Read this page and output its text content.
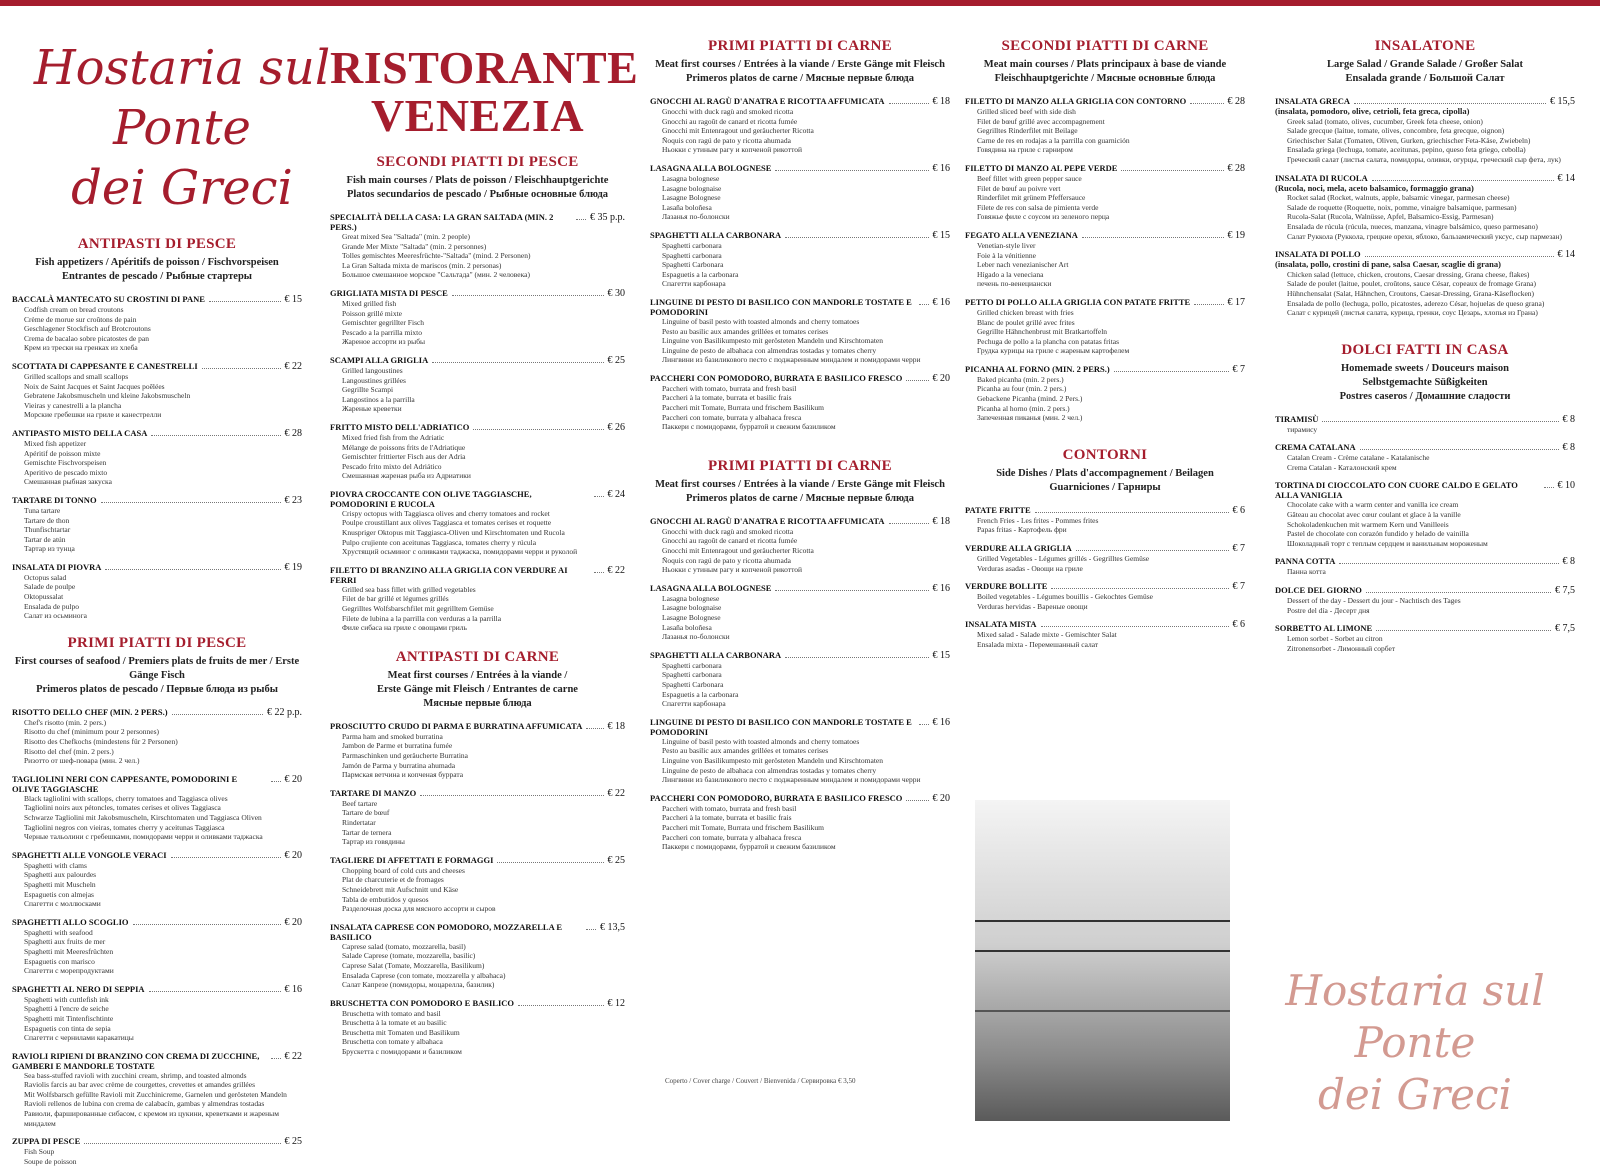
Hostaria sul Ponte
dei Greci
ANTIPASTI DI PESCE
Fish appetizers / Apéritifs de poisson / Fischvorspeisen
Entrantes de pescado / Рыбные стартеры
BACCALÀ MANTECATO SU CROSTINI DI PANE	€ 15
Codfish cream on bread croutons
Crème de morue sur croûtons de pain
Geschlagener Stockfisch auf Brotcroutons
Crema de bacalao sobre picatostes de pan
Крем из трески на гренках из хлеба
SCOTTATA DI CAPPESANTE E CANESTRELLI	€ 22
Grilled scallops and small scallops
Noix de Saint Jacques et Saint Jacques poêlées
Gebratene Jakobsmuscheln und kleine Jakobsmuscheln
Vieiras y canestrelli a la plancha
Морские гребешки на гриле и канестрелли
ANTIPASTO MISTO DELLA CASA	€ 28
Mixed fish appetizer
Apéritif de poisson mixte
Gemischte Fischvorspeisen
Aperitivo de pescado mixto
Смешанная рыбная закуска
TARTARE DI TONNO	€ 23
Tuna tartare
Tartare de thon
Thunfischtartar
Tartar de atún
Тартар из тунца
INSALATA DI PIOVRA	€ 19
Octopus salad
Salade de poulpe
Oktopussalat
Ensalada de pulpo
Салат из осьминога
PRIMI PIATTI DI PESCE
First courses of seafood / Premiers plats de fruits de mer / Erste Gänge Fisch
Primeros platos de pescado / Первые блюда из рыбы
RISOTTO DELLO CHEF (MIN. 2 PERS.)	€ 22 p.p.
Chef's risotto (min. 2 pers.)
Risotto du chef (minimum pour 2 personnes)
Risotto des Chefkochs (mindestens für 2 Personen)
Risotto del chef (min. 2 pers.)
Ризотто от шеф-повара (мин. 2 чел.)
TAGLIOLINI NERI CON CAPPESANTE, POMODORINI E OLIVE TAGGIASCHE
€ 20
Black tagliolini with scallops, cherry tomatoes and Taggiasca olives
Tagliolini noirs aux pétoncles, tomates cerises et olives Taggiasca
Schwarze Tagliolini mit Jakobsmuscheln, Kirschtomaten und Taggiasca Oliven
Tagliolini negros con vieiras, tomates cherry y aceitunas Taggiasca
Черные тальолини с гребешками, помидорами черри и оливками таджаска
SPAGHETTI ALLE VONGOLE VERACI	€ 20
Spaghetti with clams
Spaghetti aux palourdes
Spaghetti mit Muscheln
Espaguetis con almejas
Спагетти с моллюсками
SPAGHETTI ALLO SCOGLIO	€ 20
Spaghetti with seafood
Spaghetti aux fruits de mer
Spaghetti mit Meeresfrüchten
Espaguetis con marisco
Спагетти с морепродуктами
SPAGHETTI AL NERO DI SEPPIA	€ 16
Spaghetti with cuttlefish ink
Spaghetti à l'encre de seiche
Spaghetti mit Tintenfischtinte
Espaguetis con tinta de sepia
Спагетти с чернилами каракатицы
RAVIOLI RIPIENI DI BRANZINO CON CREMA DI ZUCCHINE, GAMBERI E MANDORLE TOSTATE
€ 22
Sea bass-stuffed ravioli with zucchini cream, shrimp, and toasted almonds
Raviolis farcis au bar avec crème de courgettes, crevettes et amandes grillées
Mit Wolfsbarsch gefüllte Ravioli mit Zucchinicreme, Garnelen und gerösteten Mandeln
Ravioli rellenos de lubina con crema de calabacín, gambas y almendras tostadas
Равиоли, фаршированные сибасом, с кремом из цукини, креветками и жареным миндалем
ZUPPA DI PESCE	€ 25
Fish Soup
Soupe de poisson
RISTORANTE
VENEZIA
SECONDI PIATTI DI PESCE
Fish main courses / Plats de poisson / Fleischhauptgerichte
Platos secundarios de pescado / Рыбные основные блюда
SPECIALITÀ DELLA CASA: LA GRAN SALTADA (MIN. 2 PERS.)
€ 35 p.p.
Great mixed Sea "Saltada" (min. 2 people)
Grande Mer Mixte "Saltada" (min. 2 personnes)
Tolles gemischtes Meeresfrüchte-"Saltada" (mind. 2 Personen)
La Gran Saltada mixta de mariscos (min. 2 personas)
Большое смешанное морское "Сальтада" (мин. 2 человека)
GRIGLIATA MISTA DI PESCE	€ 30
Mixed grilled fish
Poisson grillé mixte
Gemischter gegrillter Fisch
Pescado a la parrilla mixto
Жареное ассорти из рыбы
SCAMPI ALLA GRIGLIA	€ 25
Grilled langoustines
Langoustines grillées
Gegrillte Scampi
Langostinos a la parrilla
Жареные креветки
FRITTO MISTO DELL'ADRIATICO	€ 26
Mixed fried fish from the Adriatic
Mélange de poissons frits de l'Adriatique
Gemischter frittierter Fisch aus der Adria
Pescado frito mixto del Adriático
Смешанная жареная рыба из Адриатики
PIOVRA CROCCANTE CON OLIVE TAGGIASCHE, POMODORINI E RUCOLA
€ 24
Crispy octopus with Taggiasca olives and cherry tomatoes and rocket
Poulpe croustillant aux olives Taggiasca et tomates cerises et roquette
Knuspriger Oktopus mit Taggiasca-Oliven und Kirschtomaten und Rucola
Pulpo crujiente con aceitunas Taggiasca, tomates cherry y rúcula
Хрустящий осьминог с оливками таджаска, помидорами черри и руколой
FILETTO DI BRANZINO ALLA GRIGLIA CON VERDURE AI FERRI
€ 22
Grilled sea bass fillet with grilled vegetables
Filet de bar grillé et légumes grillés
Gegrilltes Wolfsbarschfilet mit gegrilltem Gemüse
Filete de lubina a la parrilla con verduras a la parrilla
Филе сибаса на гриле с овощами гриль
ANTIPASTI DI CARNE
Meat first courses / Entrées à la viande /
Erste Gänge mit Fleisch / Entrantes de carne
Мясные первые блюда
PROSCIUTTO CRUDO DI PARMA E BURRATINA AFFUMICATA	€ 18
Parma ham and smoked burratina
Jambon de Parme et burratina fumée
Parmaschinken und geräucherte Burratina
Jamón de Parma y burratina ahumada
Пармская ветчина и копченая буррата
TARTARE DI MANZO	€ 22
Beef tartare
Tartare de bœuf
Rindertatar
Tartar de ternera
Тартар из говядины
TAGLIERE DI AFFETTATI E FORMAGGI	€ 25
Chopping board of cold cuts and cheeses
Plat de charcuterie et de fromages
Schneidebrett mit Aufschnitt und Käse
Tabla de embutidos y quesos
Разделочная доска для мясного ассорти и сыров
INSALATA CAPRESE CON POMODORO, MOZZARELLA E BASILICO
€ 13,5
Caprese salad (tomato, mozzarella, basil)
Salade Caprese (tomate, mozzarella, basilic)
Caprese Salat (Tomate, Mozzarella, Basilikum)
Ensalada Caprese (con tomate, mozzarella y albahaca)
Салат Капрезе (помидоры, моцарелла, базилик)
BRUSCHETTA CON POMODORO E BASILICO	€ 12
Bruschetta with tomato and basil
Bruschetta à la tomate et au basilic
Bruschetta mit Tomaten und Basilikum
Bruschetta con tomate y albahaca
Брускетта с помидорами и базиликом
PRIMI PIATTI DI CARNE
Meat first courses / Entrées à la viande / Erste Gänge mit Fleisch
Primeros platos de carne / Мясные первые блюда
GNOCCHI AL RAGÙ D'ANATRA E RICOTTA AFFUMICATA	€ 18
Gnocchi with duck ragù and smoked ricotta
Gnocchi au ragoût de canard et ricotta fumée
Gnocchi mit Entenragout und geräucherter Ricotta
Ñoquis con ragú de pato y ricotta ahumada
Ньокки с утиным рагу и копченой рикоттой
LASAGNA ALLA BOLOGNESE	€ 16
Lasagna bolognese
Lasagne bolognaise
Lasagne Bolognese
Lasaña boloñesa
Лазанья по-болонски
SPAGHETTI ALLA CARBONARA	€ 15
Spaghetti carbonara
Spaghetti carbonara
Spaghetti Carbonara
Espaguetis a la carbonara
Спагетти карбонара
LINGUINE DI PESTO DI BASILICO CON MANDORLE TOSTATE E POMODORINI
€ 16
Linguine of basil pesto with toasted almonds and cherry tomatoes
Pesto au basilic aux amandes grillées et tomates cerises
Linguine von Basilikumpesto mit gerösteten Mandeln und Kirschtomaten
Linguine de pesto de albahaca con almendras tostadas y tomates cherry
Лингвини из базиликового песто с поджаренным миндалем и помидорами черри
PACCHERI CON POMODORO, BURRATA E BASILICO FRESCO	€ 20
Paccheri with tomato, burrata and fresh basil
Paccheri à la tomate, burrata et basilic frais
Paccheri mit Tomate, Burrata und frischem Basilikum
Paccheri con tomate, burrata y albahaca fresca
Паккери с помидорами, бурратой и свежим базиликом
PRIMI PIATTI DI CARNE
Meat first courses / Entrées à la viande / Erste Gänge mit Fleisch
Primeros platos de carne / Мясные первые блюда
GNOCCHI AL RAGÙ D'ANATRA E RICOTTA AFFUMICATA	€ 18
Gnocchi with duck ragù and smoked ricotta
Gnocchi au ragoût de canard et ricotta fumée
Gnocchi mit Entenragout und geräucherter Ricotta
Ñoquis con ragú de pato y ricotta ahumada
Ньокки с утиным рагу и копченой рикоттой
LASAGNA ALLA BOLOGNESE	€ 16
Lasagna bolognese
Lasagne bolognaise
Lasagne Bolognese
Lasaña boloñesa
Лазанья по-болонски
SPAGHETTI ALLA CARBONARA	€ 15
Spaghetti carbonara
Spaghetti carbonara
Spaghetti Carbonara
Espaguetis a la carbonara
Спагетти карбонара
LINGUINE DI PESTO DI BASILICO CON MANDORLE TOSTATE E POMODORINI
€ 16
Linguine of basil pesto with toasted almonds and cherry tomatoes
Pesto au basilic aux amandes grillées et tomates cerises
Linguine von Basilikumpesto mit gerösteten Mandeln und Kirschtomaten
Linguine de pesto de albahaca con almendras tostadas y tomates cherry
Лингвини из базиликового песто с поджаренным миндалем и помидорами черри
PACCHERI CON POMODORO, BURRATA E BASILICO FRESCO	€ 20
Paccheri with tomato, burrata and fresh basil
Paccheri à la tomate, burrata et basilic frais
Paccheri mit Tomate, Burrata und frischem Basilikum
Paccheri con tomate, burrata y albahaca fresca
Паккери с помидорами, бурратой и свежим базиликом
SECONDI PIATTI DI CARNE
Meat main courses / Plats principaux à base de viande
Fleischhauptgerichte / Мясные основные блюда
FILETTO DI MANZO ALLA GRIGLIA CON CONTORNO	€ 28
Grilled sliced beef with side dish
Filet de bœuf grillé avec accompagnement
Gegrilltes Rinderfilet mit Beilage
Carne de res en rodajas a la parrilla con guarnición
Говядина на гриле с гарниром
FILETTO DI MANZO AL PEPE VERDE	€ 28
Beef fillet with green pepper sauce
Filet de bœuf au poivre vert
Rinderfilet mit grünem Pfeffersauce
Filete de res con salsa de pimienta verde
Говяжье филе с соусом из зеленого перца
FEGATO ALLA VENEZIANA	€ 19
Venetian-style liver
Foie à la vénitienne
Leber nach venezianischer Art
Hígado a la veneciana
печень по-венециански
PETTO DI POLLO ALLA GRIGLIA CON PATATE FRITTE	€ 17
Grilled chicken breast with fries
Blanc de poulet grillé avec frites
Gegrillte Hähnchenbrust mit Bratkartoffeln
Pechuga de pollo a la plancha con patatas fritas
Грудка курицы на гриле с жареным картофелем
PICANHA AL FORNO (MIN. 2 PERS.)	€ 7
Baked picanha (min. 2 pers.)
Picanha au four (min. 2 pers.)
Gebackene Picanha (mind. 2 Pers.)
Picanha al horno (min. 2 pers.)
Запеченная пиканья (мин. 2 чел.)
CONTORNI
Side Dishes / Plats d'accompagnement / Beilagen
Guarniciones / Гарниры
PATATE FRITTE	€ 6
French Fries - Les frites - Pommes frites
Papas fritas - Картофель фри
VERDURE ALLA GRIGLIA	€ 7
Grilled Vegetables - Légumes grillés - Gegrilltes Gemüse
Verduras asadas - Овощи на гриле
VERDURE BOLLITE	€ 7
Boiled vegetables - Légumes bouillis - Gekochtes Gemüse
Verduras hervidas - Вареные овощи
INSALATA MISTA	€ 6
Mixed salad - Salade mixte - Gemischter Salat
Ensalada mixta - Перемешанный салат
INSALATONE
Large Salad / Grande Salade / Großer Salat
Ensalada grande / Большой Салат
INSALATA GRECA	€ 15,5
(insalata, pomodoro, olive, cetrioli, feta greca, cipolla)
Greek salad (tomato, olives, cucumber, Greek feta cheese, onion)
Salade grecque (laitue, tomate, olives, concombre, feta grecque, oignon)
Griechischer Salat (Tomaten, Oliven, Gurken, griechischer Feta-Käse, Zwiebeln)
Ensalada griega (lechuga, tomate, aceitunas, pepino, queso feta griego, cebolla)
Греческий салат (листья салата, помидоры, оливки, огурцы, греческий сыр фета, лук)
INSALATA DI RUCOLA	€ 14
(Rucola, noci, mela, aceto balsamico, formaggio grana)
Rocket salad (Rocket, walnuts, apple, balsamic vinegar, parmesan cheese)
Salade de roquette (Roquette, noix, pomme, vinaigre balsamique, parmesan)
Rucola-Salat (Rucola, Walnüsse, Apfel, Balsamico-Essig, Parmesan)
Ensalada de rúcula (rúcula, nueces, manzana, vinagre balsámico, queso parmesano)
Салат Руккола (Руккола, грецкие орехи, яблоко, бальзамический уксус, сыр пармезан)
INSALATA DI POLLO	€ 14
(insalata, pollo, crostini di pane, salsa Caesar, scaglie di grana)
Chicken salad (lettuce, chicken, croutons, Caesar dressing, Grana cheese, flakes)
Salade de poulet (laitue, poulet, croûtons, sauce César, copeaux de fromage Grana)
Hühnchensalat (Salat, Hähnchen, Croutons, Caesar-Dressing, Grana-Käseflocken)
Ensalada de pollo (lechuga, pollo, picatostes, aderezo César, hojuelas de queso grana)
Салат с курицей (листья салата, курица, гренки, соус Цезарь, хлопья из Грана)
DOLCI FATTI IN CASA
Homemade sweets / Douceurs maison
Selbstgemachte Süßigkeiten
Postres caseros / Домашние сладости
TIRAMISÙ	€ 8
тирамису
CREMA CATALANA	€ 8
Catalan Cream - Crème catalane - Katalanische
Crema Catalan - Каталонский крем
TORTINA DI CIOCCOLATO CON CUORE CALDO E GELATO ALLA VANIGLIA
€ 10
Chocolate cake with a warm center and vanilla ice cream
Gâteau au chocolat avec cœur coulant et glace à la vanille
Schokoladenkuchen mit warmem Kern und Vanilleeis
Pastel de chocolate con corazón fundido y helado de vainilla
Шоколадный торт с теплым сердцем и ванильным мороженым
PANNA COTTA	€ 8
Панна котта
DOLCE DEL GIORNO	€ 7,5
Dessert of the day - Dessert du jour - Nachtisch des Tages
Postre del día - Десерт дня
SORBETTO AL LIMONE	€ 7,5
Lemon sorbet - Sorbet au citron
Zitronensorbet - Лимонный сорбет
Hostaria sul Ponte
dei Greci
Coperto / Cover charge / Couvert / Bienvenida / Сервировка € 3,50
